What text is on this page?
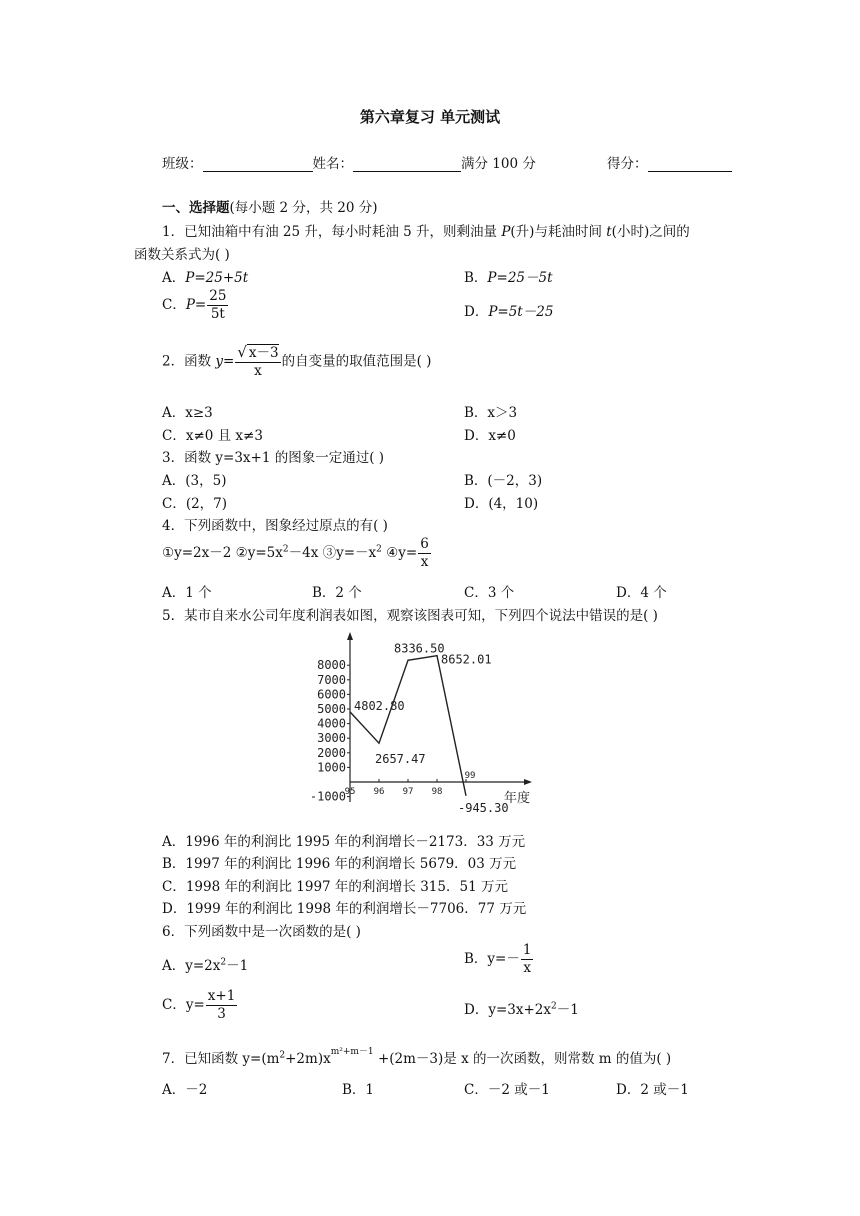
第六章复习 单元测试
班级：	姓名：	满分 100 分	得分：
一、选择题(每小题 2 分，共 20 分)
1．已知油箱中有油 25 升，每小时耗油 5 升，则剩油量 P(升)与耗油时间 t(小时)之间的
函数关系式为( )
A．P=25+5t	B．P=25－5t
C．$P= \frac{25}{5t}$	D．P=5t－25
2．函数 $y= \frac{√ x-3}{x}$ 的自变量的取值范围是( )
A．x≥3	B．x＞3
C．x≠0 且 x≠3	D．x≠0
3．函数 y=3x+1 的图象一定通过( )
A．(3，5)	B．(－2，3)
C．(2，7)	D．(4，10)
4．下列函数中，图象经过原点的有( )
①y=2x－2 $②y=5x^2-4x$ $③y=-x^2$ ④y= $\frac{6}{x}$
A．1 个	B．2 个	C．3 个	D．4 个
5．某市自来水公司年度利润表如图，观察该图表可知，下列四个说法中错误的是( )
8000
7000
6000
5000
4000
3000
2000
1000
-1000
95 96 97 98
99
4802.80
2657.47
8336.50
8652.01
-945.30
年度
A．1996 年的利润比 1995 年的利润增长－2173．33 万元
B．1997 年的利润比 1996 年的利润增长 5679．03 万元
C．1998 年的利润比 1997 年的利润增长 315．51 万元
D．1999 年的利润比 1998 年的利润增长－7706．77 万元
6．下列函数中是一次函数的是( )
A．$y=2x^2-1$	B．$y=- \frac{1}{x}$
C．$y= \frac{x+1}{3}$	D．$y=3x+2x^2-1$
7．已知函数 $y=(m^2+2m)x^{m^2+m-1} +(2m-3)$是 x 的一次函数，则常数 m 的值为( )
A．－2	B．1	C．－2 或－1	D．2 或－1
